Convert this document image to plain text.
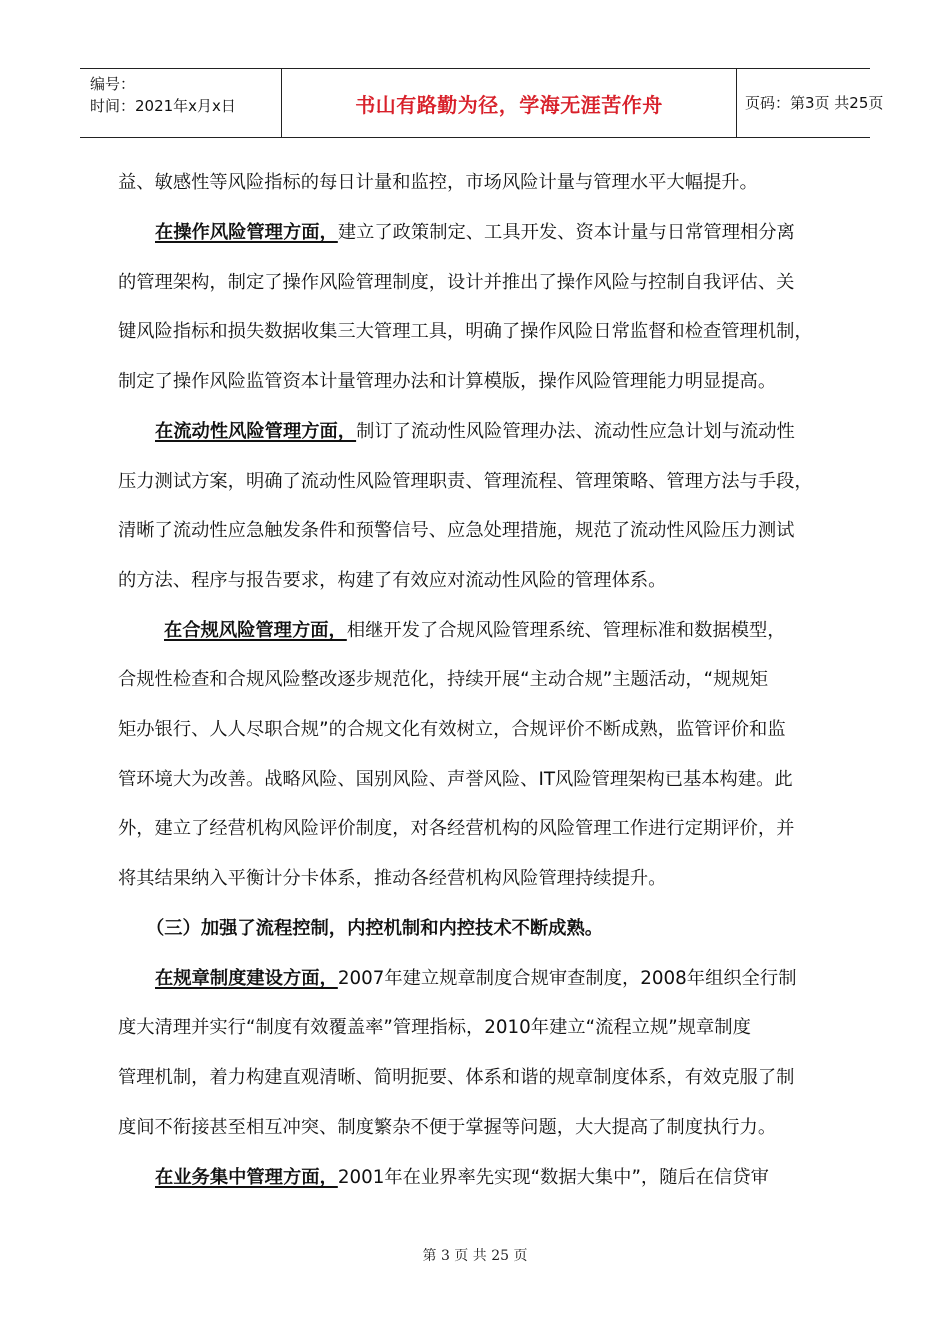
编号：
时间：2021年x月x日	书山有路勤为径，学海无涯苦作舟	页码：第3页 共25页
益、敏感性等风险指标的每日计量和监控，市场风险计量与管理水平大幅提升。
在操作风险管理方面，建立了政策制定、工具开发、资本计量与日常管理相分离
的管理架构，制定了操作风险管理制度，设计并推出了操作风险与控制自我评估、关
键风险指标和损失数据收集三大管理工具，明确了操作风险日常监督和检查管理机制，
制定了操作风险监管资本计量管理办法和计算模版，操作风险管理能力明显提高。
在流动性风险管理方面，制订了流动性风险管理办法、流动性应急计划与流动性
压力测试方案，明确了流动性风险管理职责、管理流程、管理策略、管理方法与手段，
清晰了流动性应急触发条件和预警信号、应急处理措施，规范了流动性风险压力测试
的方法、程序与报告要求，构建了有效应对流动性风险的管理体系。
在合规风险管理方面，相继开发了合规风险管理系统、管理标准和数据模型，
合规性检查和合规风险整改逐步规范化，持续开展“主动合规”主题活动，“规规矩
矩办银行、人人尽职合规”的合规文化有效树立，合规评价不断成熟，监管评价和监
管环境大为改善。战略风险、国别风险、声誉风险、IT风险管理架构已基本构建。此
外，建立了经营机构风险评价制度，对各经营机构的风险管理工作进行定期评价，并
将其结果纳入平衡计分卡体系，推动各经营机构风险管理持续提升。
（三）加强了流程控制，内控机制和内控技术不断成熟。
在规章制度建设方面，2007年建立规章制度合规审查制度，2008年组织全行制
度大清理并实行“制度有效覆盖率”管理指标，2010年建立“流程立规”规章制度
管理机制，着力构建直观清晰、简明扼要、体系和谐的规章制度体系，有效克服了制
度间不衔接甚至相互冲突、制度繁杂不便于掌握等问题，大大提高了制度执行力。
在业务集中管理方面，2001年在业界率先实现“数据大集中”，随后在信贷审
第 3 页 共 25 页
